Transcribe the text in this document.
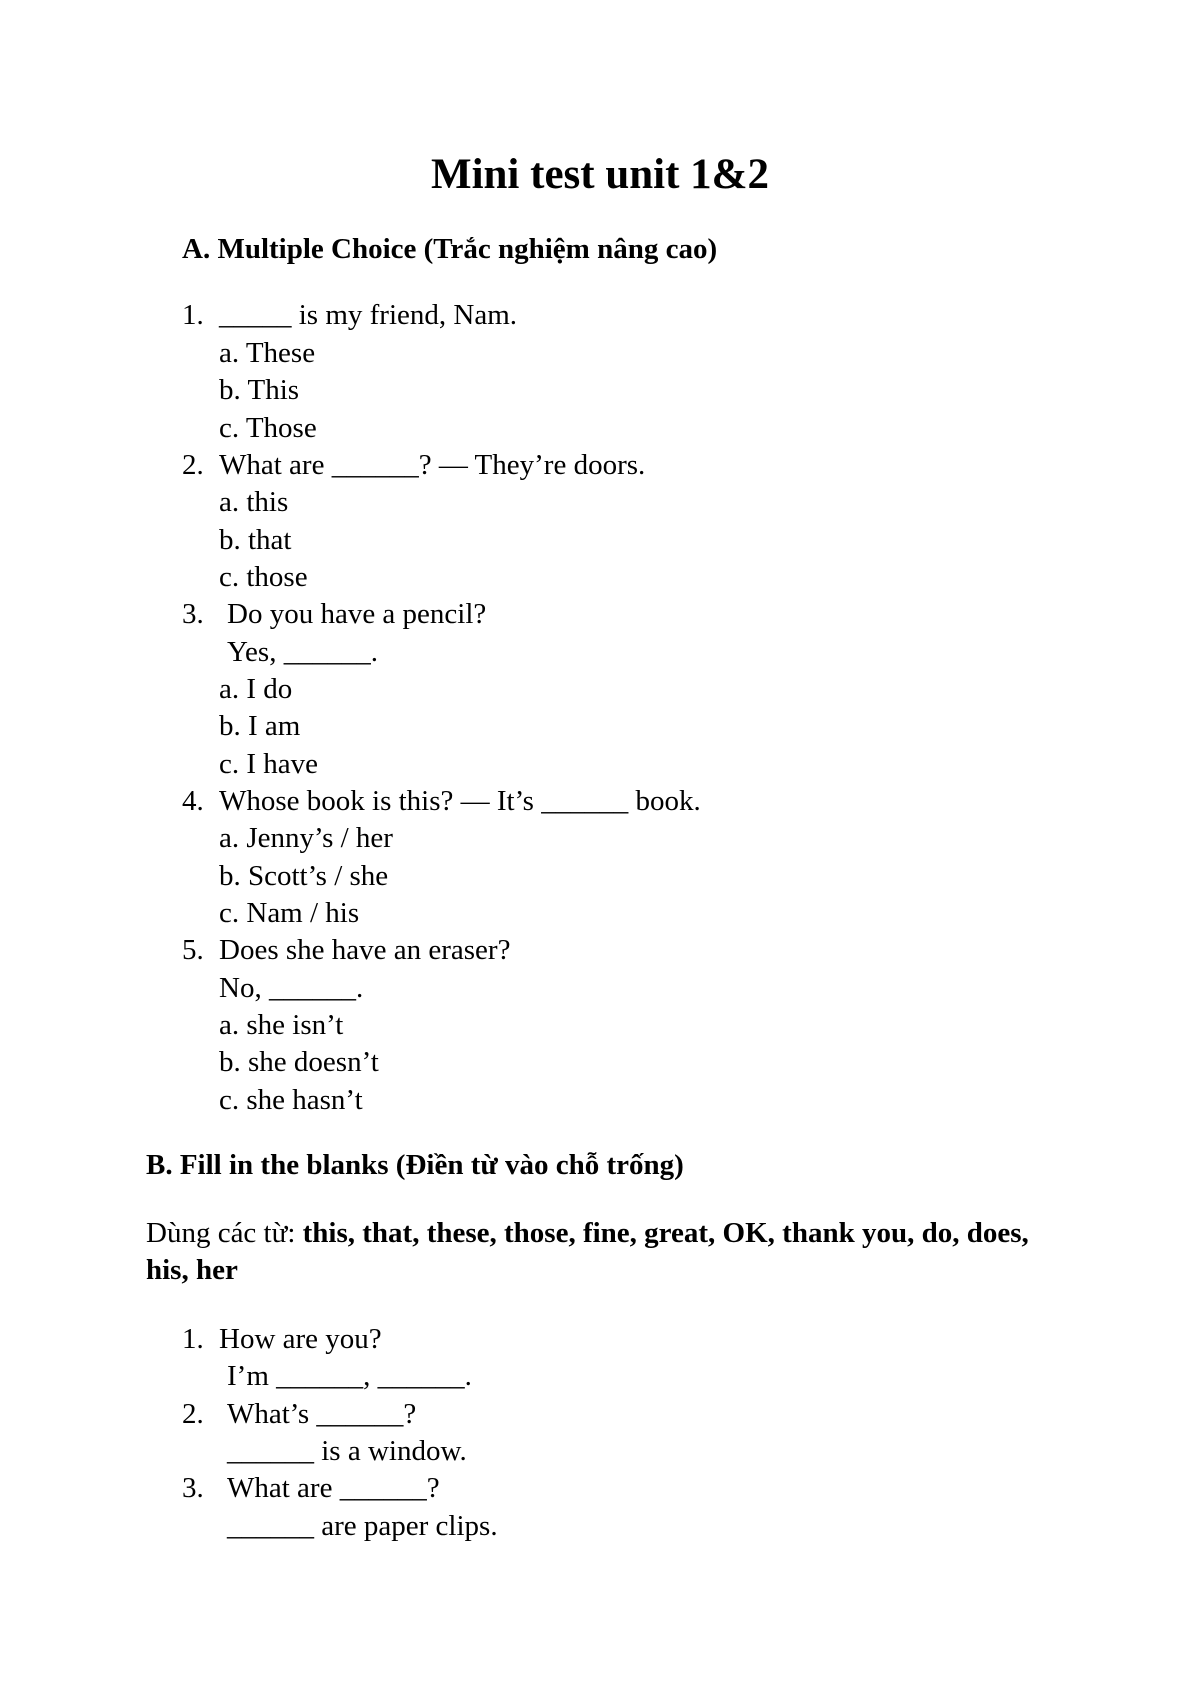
Mini test unit 1&2
A. Multiple Choice (Trắc nghiệm nâng cao)
1. _____ is my friend, Nam.
a. These
b. This
c. Those
2. What are ______? — They’re doors.
a. this
b. that
c. those
3. Do you have a pencil?
Yes, ______.
a. I do
b. I am
c. I have
4. Whose book is this? — It’s ______ book.
a. Jenny’s / her
b. Scott’s / she
c. Nam / his
5. Does she have an eraser?
No, ______.
a. she isn’t
b. she doesn’t
c. she hasn’t
B. Fill in the blanks (Điền từ vào chỗ trống)
Dùng các từ: this, that, these, those, fine, great, OK, thank you, do, does, his, her
1. How are you?
I’m ______, ______.
2. What’s ______?
______ is a window.
3. What are ______?
______ are paper clips.
